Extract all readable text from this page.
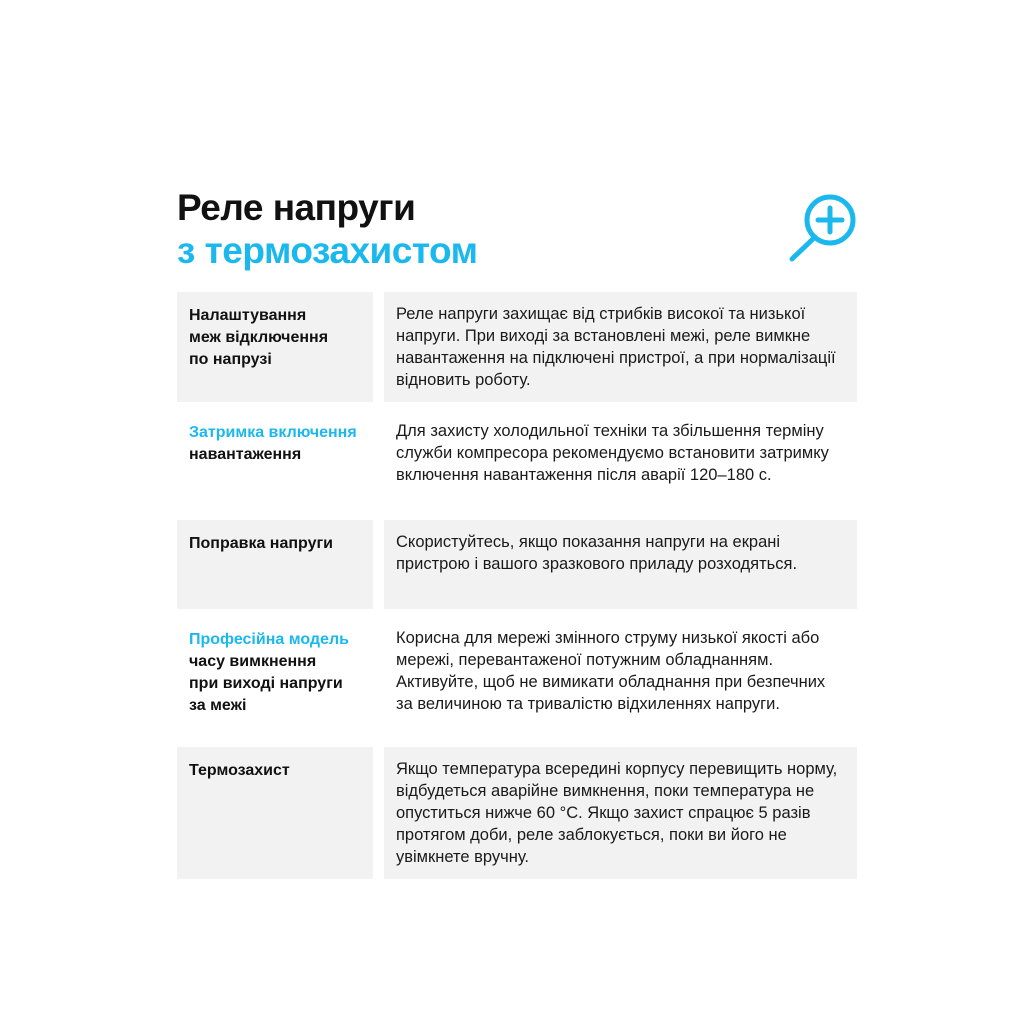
Реле напруги
з термозахистом
Налаштування
меж відключення
по напрузі
Реле напруги захищає від стрибків високої та низької напруги. При виході за встановлені межі, реле вимкне навантаження на підключені пристрої, а при нормалізації відновить роботу.
Затримка включення
навантаження
Для захисту холодильної техніки та збільшення терміну служби компресора рекомендуємо встановити затримку включення навантаження після аварії 120–180 с.
Поправка напруги	Скористуйтесь, якщо показання напруги на екрані пристрою і вашого зразкового приладу розходяться.
Професійна модель
часу вимкнення
при виході напруги
за межі
Корисна для мережі змінного струму низької якості або мережі, перевантаженої потужним обладнанням. Активуйте, щоб не вимикати обладнання при безпечних за величиною та тривалістю відхиленнях напруги.
Термозахист	Якщо температура всередині корпусу перевищить норму, відбудеться аварійне вимкнення, поки температура не опуститься нижче 60 °С. Якщо захист спрацює 5 разів протягом доби, реле заблокується, поки ви його не увімкнете вручну.
